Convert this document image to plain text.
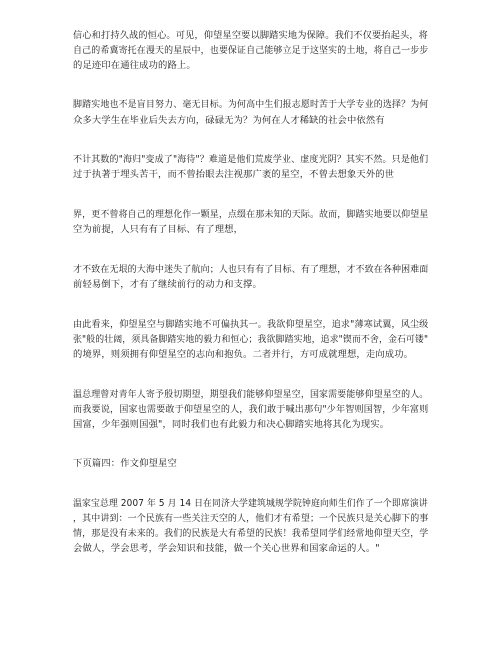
信心和打持久战的恒心。可见，仰望星空要以脚踏实地为保障。我们不仅要抬起头，将
自己的希冀寄托在漫天的星辰中，也要保证自己能够立足于这坚实的土地，将自己一步步
的足迹印在通往成功的路上。
脚踏实地也不是盲目努力、毫无目标。为何高中生们报志愿时苦于大学专业的选择？为何
众多大学生在毕业后失去方向，碌碌无为？为何在人才稀缺的社会中依然有
不计其数的"海归"变成了"海待"？难道是他们荒废学业、虚度光阴？其实不然。只是他们
过于执著于埋头苦干，而不曾抬眼去注视那广袤的星空，不曾去想象天外的世
界，更不曾将自己的理想化作一颗星，点缀在那未知的天际。故而，脚踏实地要以仰望星
空为前提，人只有有了目标、有了理想，
才不致在无垠的大海中迷失了航向；人也只有有了目标、有了理想，才不致在各种困难面
前轻易倒下，才有了继续前行的动力和支撑。
由此看来，仰望星空与脚踏实地不可偏执其一。我欲仰望星空，追求"薄寒试翼，风尘级
张"般的壮阔，须具备脚踏实地的毅力和恒心；我欲脚踏实地，追求"锲而不舍，金石可镂"
的境界，则须拥有仰望星空的志向和抱负。二者并行，方可成就理想，走向成功。
温总理曾对青年人寄予殷切期望，期望我们能够仰望星空，国家需要能够仰望星空的人。
而我要说，国家也需要敢于仰望星空的人，我们敢于喊出那句"少年智则国智，少年富则
国富，少年强则国强"，同时我们也有此毅力和决心脚踏实地将其化为现实。
下页篇四：作文仰望星空
温家宝总理 2007 年 5 月 14 日在同济大学建筑城规学院钟庭向师生们作了一个即席演讲
，其中讲到：一个民族有一些关注天空的人，他们才有希望；一个民族只是关心脚下的事
情，那是没有未来的。我们的民族是大有希望的民族！我希望同学们经常地仰望天空，学
会做人，学会思考，学会知识和技能，做一个关心世界和国家命运的人。"
